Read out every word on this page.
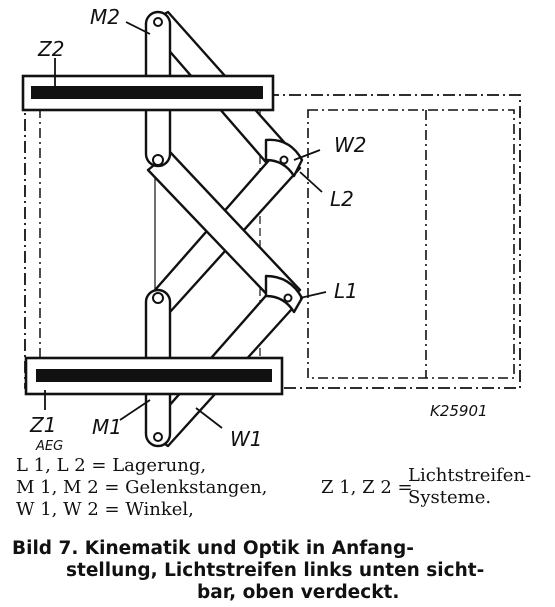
M2
Z2
W2
L2
L1
K25901
Z1
AEG
M1	W1
L 1, L 2 = Lagerung,
M 1, M 2 = Gelenkstangen,
W 1, W 2 = Winkel,
Z 1, Z 2 =
Lichtstreifen-
Systeme.
Bild 7. Kinematik und Optik in Anfang-
stellung, Lichtstreifen links unten sicht-
bar, oben verdeckt.
